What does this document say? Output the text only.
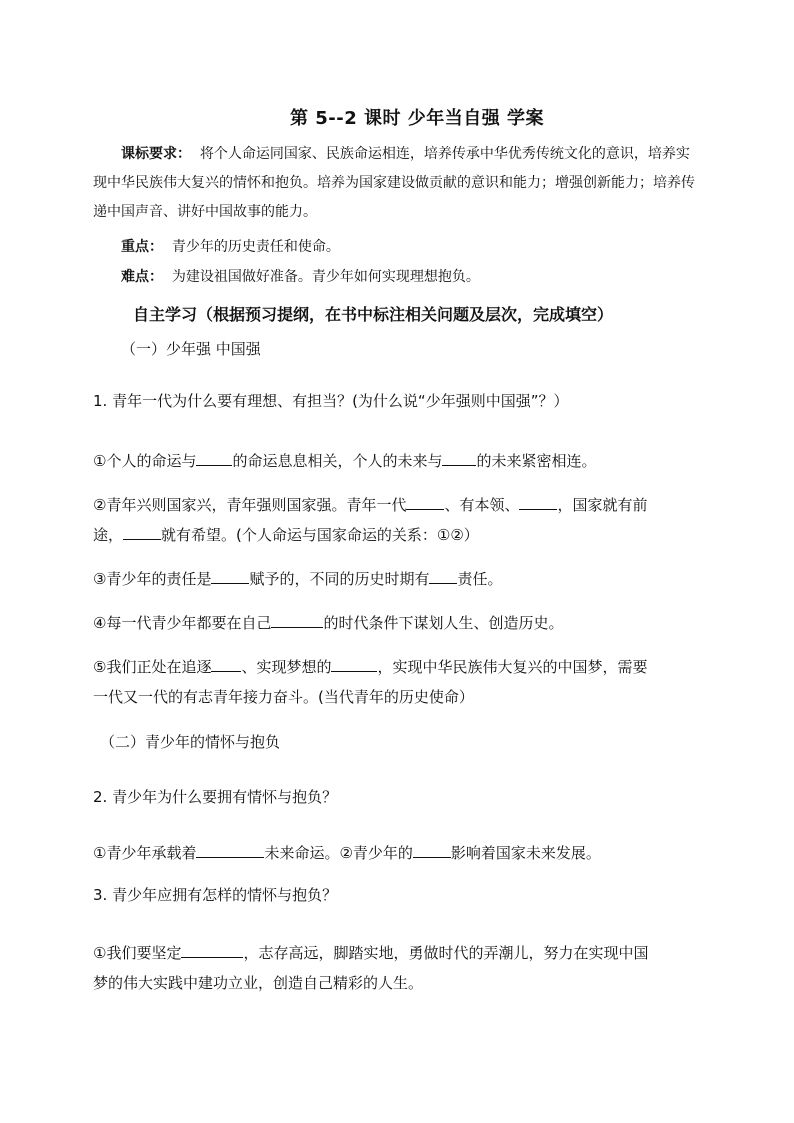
第 5--2 课时 少年当自强 学案
课标要求： 将个人命运同国家、民族命运相连，培养传承中华优秀传统文化的意识，培养实现中华民族伟大复兴的情怀和抱负。培养为国家建设做贡献的意识和能力；增强创新能力；培养传递中国声音、讲好中国故事的能力。
重点： 青少年的历史责任和使命。
难点： 为建设祖国做好准备。青少年如何实现理想抱负。
自主学习（根据预习提纲，在书中标注相关问题及层次，完成填空）
（一）少年强 中国强
1. 青年一代为什么要有理想、有担当？(为什么说“少年强则中国强”？）
①个人的命运与 的命运息息相关，个人的未来与 的未来紧密相连。
②青年兴则国家兴，青年强则国家强。青年一代	、有本领、	，国家就有前
途，	就有希望。(个人命运与国家命运的关系：①②）
③青少年的责任是	赋予的，不同的历史时期有 责任。
④每一代青少年都要在自己	的时代条件下谋划人生、创造历史。
⑤我们正处在追逐 、实现梦想的	，实现中华民族伟大复兴的中国梦，需要
一代又一代的有志青年接力奋斗。(当代青年的历史使命）
（二）青少年的情怀与抱负
2. 青少年为什么要拥有情怀与抱负？
①青少年承载着	未来命运。②青少年的	影响着国家未来发展。
3. 青少年应拥有怎样的情怀与抱负？
①我们要坚定	，志存高远，脚踏实地，勇做时代的弄潮儿，努力在实现中国
梦的伟大实践中建功立业，创造自己精彩的人生。
